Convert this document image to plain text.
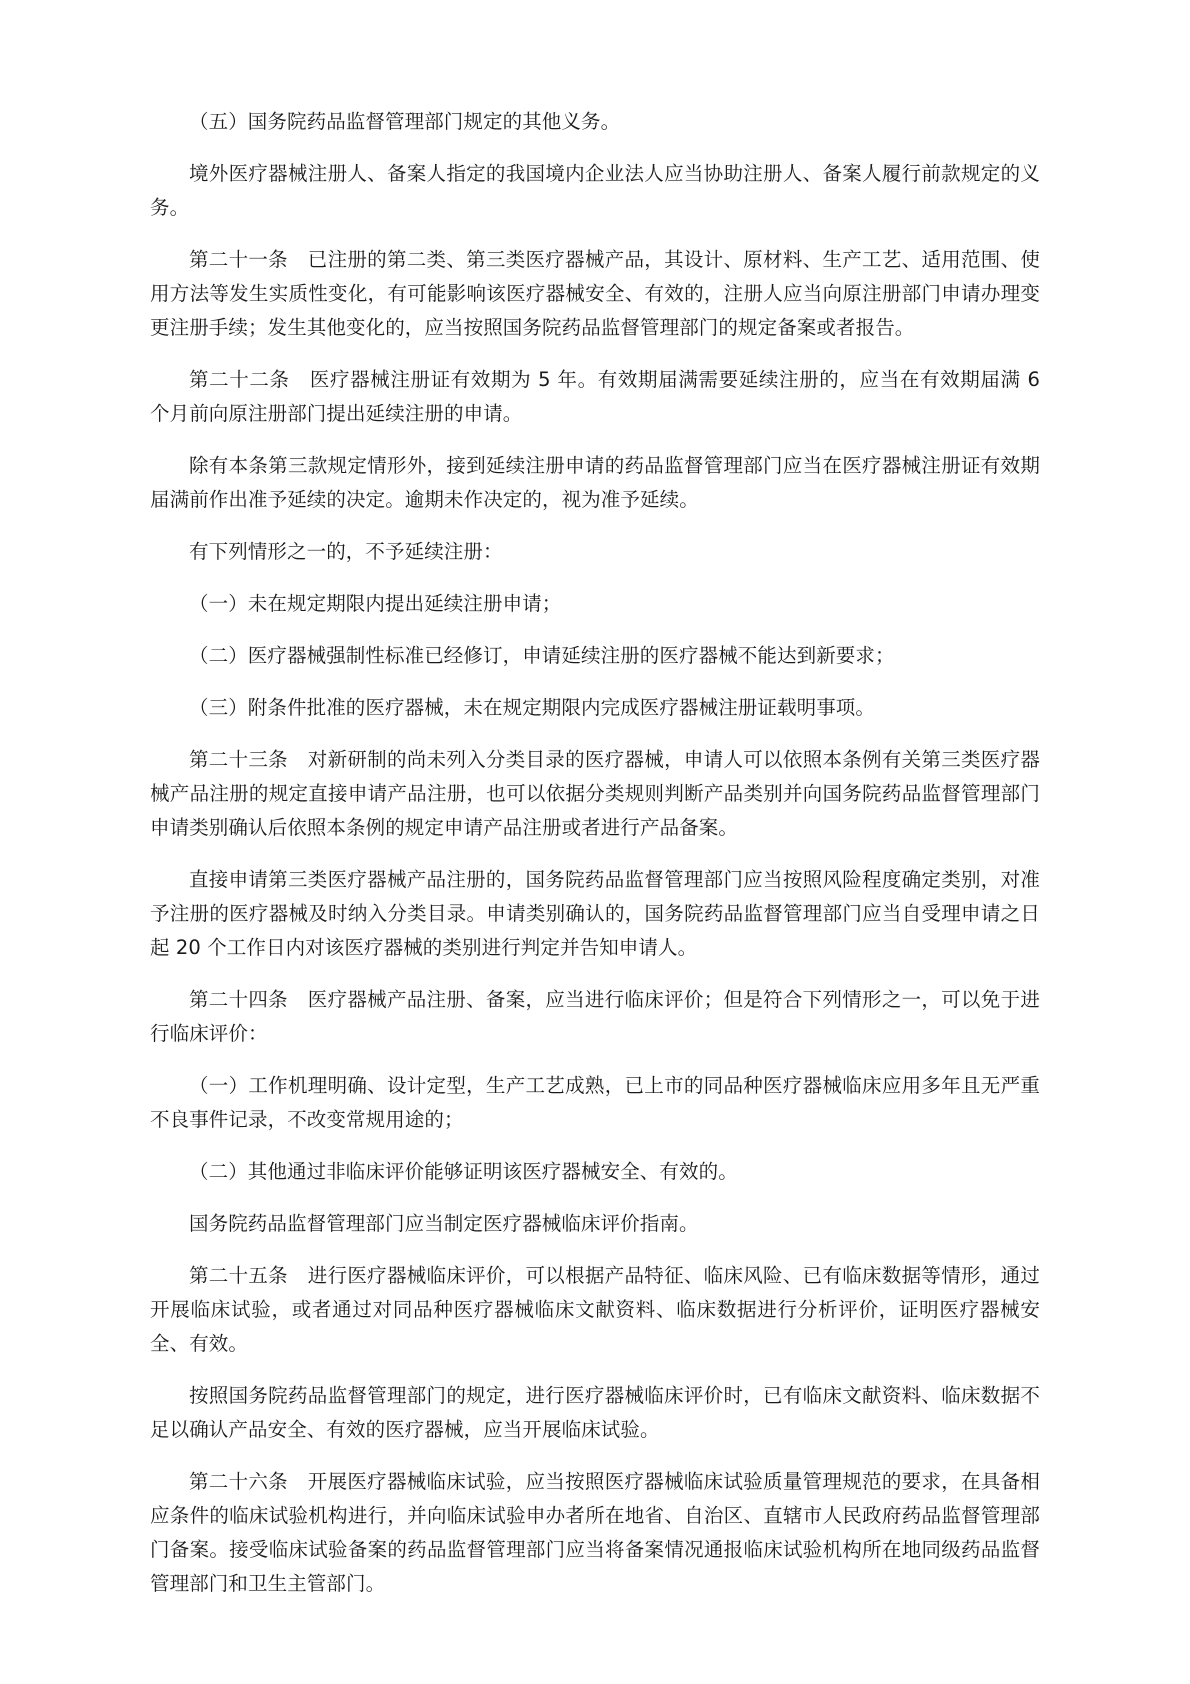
（五）国务院药品监督管理部门规定的其他义务。

境外医疗器械注册人、备案人指定的我国境内企业法人应当协助注册人、备案人履行前款规定的义务。

第二十一条　已注册的第二类、第三类医疗器械产品，其设计、原材料、生产工艺、适用范围、使用方法等发生实质性变化，有可能影响该医疗器械安全、有效的，注册人应当向原注册部门申请办理变更注册手续；发生其他变化的，应当按照国务院药品监督管理部门的规定备案或者报告。

第二十二条　医疗器械注册证有效期为 5 年。有效期届满需要延续注册的，应当在有效期届满 6 个月前向原注册部门提出延续注册的申请。

除有本条第三款规定情形外，接到延续注册申请的药品监督管理部门应当在医疗器械注册证有效期届满前作出准予延续的决定。逾期未作决定的，视为准予延续。

有下列情形之一的，不予延续注册：

（一）未在规定期限内提出延续注册申请；

（二）医疗器械强制性标准已经修订，申请延续注册的医疗器械不能达到新要求；

（三）附条件批准的医疗器械，未在规定期限内完成医疗器械注册证载明事项。

第二十三条　对新研制的尚未列入分类目录的医疗器械，申请人可以依照本条例有关第三类医疗器械产品注册的规定直接申请产品注册，也可以依据分类规则判断产品类别并向国务院药品监督管理部门申请类别确认后依照本条例的规定申请产品注册或者进行产品备案。

直接申请第三类医疗器械产品注册的，国务院药品监督管理部门应当按照风险程度确定类别，对准予注册的医疗器械及时纳入分类目录。申请类别确认的，国务院药品监督管理部门应当自受理申请之日起 20 个工作日内对该医疗器械的类别进行判定并告知申请人。

第二十四条　医疗器械产品注册、备案，应当进行临床评价；但是符合下列情形之一，可以免于进行临床评价：

（一）工作机理明确、设计定型，生产工艺成熟，已上市的同品种医疗器械临床应用多年且无严重不良事件记录，不改变常规用途的；

（二）其他通过非临床评价能够证明该医疗器械安全、有效的。

国务院药品监督管理部门应当制定医疗器械临床评价指南。

第二十五条　进行医疗器械临床评价，可以根据产品特征、临床风险、已有临床数据等情形，通过开展临床试验，或者通过对同品种医疗器械临床文献资料、临床数据进行分析评价，证明医疗器械安全、有效。

按照国务院药品监督管理部门的规定，进行医疗器械临床评价时，已有临床文献资料、临床数据不足以确认产品安全、有效的医疗器械，应当开展临床试验。

第二十六条　开展医疗器械临床试验，应当按照医疗器械临床试验质量管理规范的要求，在具备相应条件的临床试验机构进行，并向临床试验申办者所在地省、自治区、直辖市人民政府药品监督管理部门备案。接受临床试验备案的药品监督管理部门应当将备案情况通报临床试验机构所在地同级药品监督管理部门和卫生主管部门。
